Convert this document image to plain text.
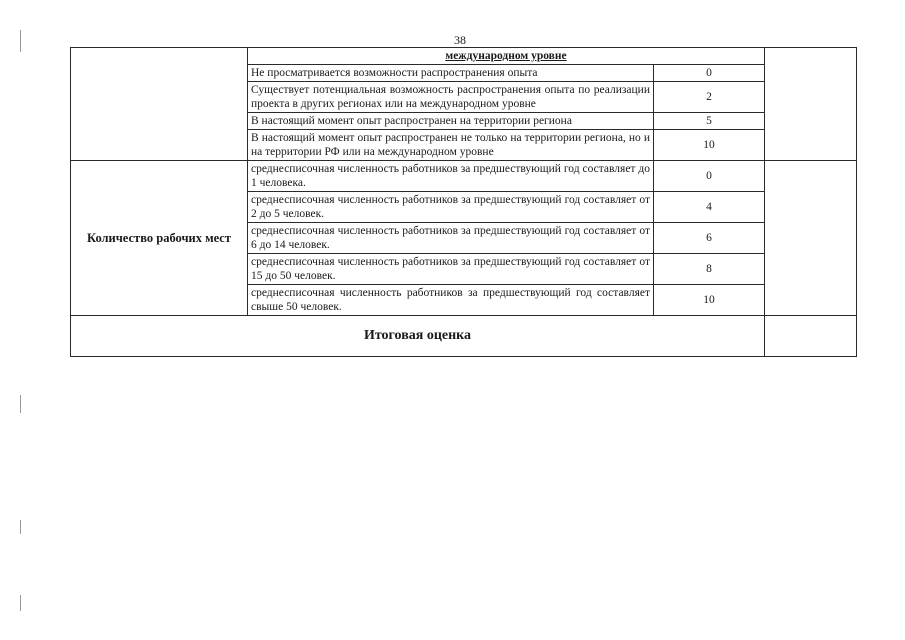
38
	международном уровне		
	Не просматривается возможности распространения опыта	0	
	Существует потенциальная возможность распространения опыта по реализации проекта в других регионах или на международном уровне	2	
	В настоящий момент опыт распространен на территории региона	5	
	В настоящий момент опыт распространен не только на территории региона, но и на территории РФ или на международном уровне	10	
Количество рабочих мест	среднесписочная численность работников за предшествующий год составляет до 1 человека.	0	
	среднесписочная численность работников за предшествующий год составляет от 2 до 5 человек.	4	
	среднесписочная численность работников за предшествующий год составляет от 6 до 14 человек.	6	
	среднесписочная численность работников за предшествующий год составляет от 15 до 50 человек.	8	
	среднесписочная численность работников за предшествующий год составляет свыше 50 человек.	10	
Итоговая оценка			
